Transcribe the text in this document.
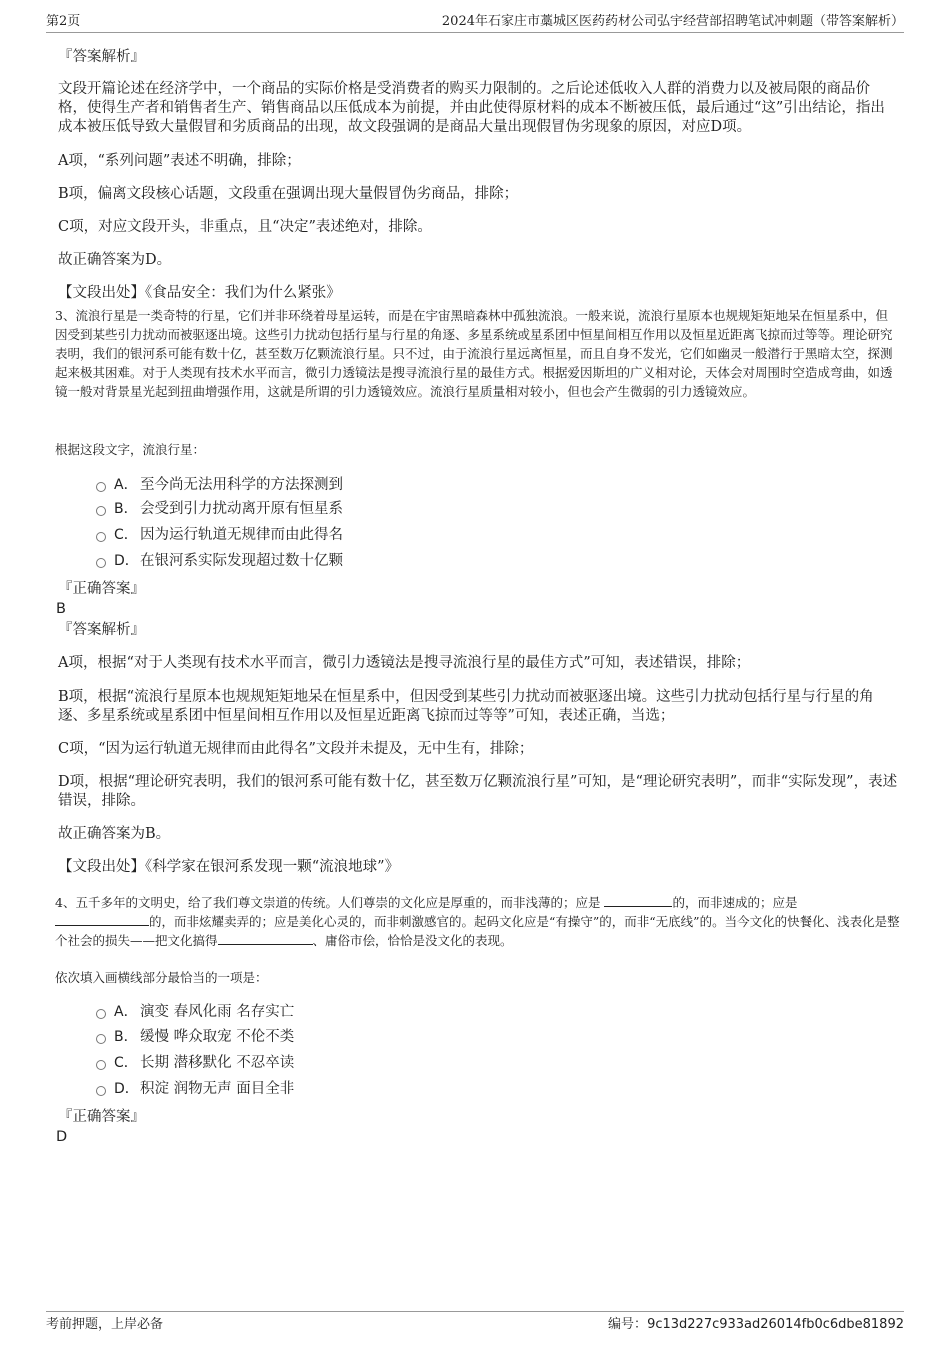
第2页	2024年石家庄市藁城区医药药材公司弘宇经营部招聘笔试冲刺题（带答案解析）
『答案解析』
文段开篇论述在经济学中，一个商品的实际价格是受消费者的购买力限制的。之后论述低收入人群的消费力以及被局限的商品价格，使得生产者和销售者生产、销售商品以压低成本为前提，并由此使得原材料的成本不断被压低，最后通过“这”引出结论，指出成本被压低导致大量假冒和劣质商品的出现，故文段强调的是商品大量出现假冒伪劣现象的原因，对应D项。
A项，“系列问题”表述不明确，排除；
B项，偏离文段核心话题，文段重在强调出现大量假冒伪劣商品，排除；
C项，对应文段开头，非重点，且“决定”表述绝对，排除。
故正确答案为D。
【文段出处】《食品安全：我们为什么紧张》
3、流浪行星是一类奇特的行星，它们并非环绕着母星运转，而是在宇宙黑暗森林中孤独流浪。一般来说，流浪行星原本也规规矩矩地呆在恒星系中，但因受到某些引力扰动而被驱逐出境。这些引力扰动包括行星与行星的角逐、多星系统或星系团中恒星间相互作用以及恒星近距离飞掠而过等等。理论研究表明，我们的银河系可能有数十亿，甚至数万亿颗流浪行星。只不过，由于流浪行星远离恒星，而且自身不发光，它们如幽灵一般潜行于黑暗太空，探测起来极其困难。对于人类现有技术水平而言，微引力透镜法是搜寻流浪行星的最佳方式。根据爱因斯坦的广义相对论，天体会对周围时空造成弯曲，如透镜一般对背景星光起到扭曲增强作用，这就是所谓的引力透镜效应。流浪行星质量相对较小，但也会产生微弱的引力透镜效应。
根据这段文字，流浪行星：
A． 至今尚无法用科学的方法探测到
B． 会受到引力扰动离开原有恒星系
C． 因为运行轨道无规律而由此得名
D． 在银河系实际发现超过数十亿颗
『正确答案』
B
『答案解析』
A项，根据“对于人类现有技术水平而言，微引力透镜法是搜寻流浪行星的最佳方式”可知，表述错误，排除；
B项，根据“流浪行星原本也规规矩矩地呆在恒星系中，但因受到某些引力扰动而被驱逐出境。这些引力扰动包括行星与行星的角逐、多星系统或星系团中恒星间相互作用以及恒星近距离飞掠而过等等”可知，表述正确，当选；
C项，“因为运行轨道无规律而由此得名”文段并未提及，无中生有，排除；
D项，根据“理论研究表明，我们的银河系可能有数十亿，甚至数万亿颗流浪行星”可知，是“理论研究表明”，而非“实际发现”，表述错误，排除。
故正确答案为B。
【文段出处】《科学家在银河系发现一颗“流浪地球”》
4、五千多年的文明史，给了我们尊文崇道的传统。人们尊崇的文化应是厚重的，而非浅薄的；应是	的，而非速成的；应是
的，而非炫耀卖弄的；应是美化心灵的，而非刺激感官的。起码文化应是“有操守”的，而非“无底线”的。当今文化的快餐化、浅表化是整个社会的损失——把文化搞得	、庸俗市侩，恰恰是没文化的表现。
依次填入画横线部分最恰当的一项是：
A． 演变 春风化雨 名存实亡
B． 缓慢 哗众取宠 不伦不类
C． 长期 潜移默化 不忍卒读
D． 积淀 润物无声 面目全非
『正确答案』
D
考前押题，上岸必备	编号：9c13d227c933ad26014fb0c6dbe81892
